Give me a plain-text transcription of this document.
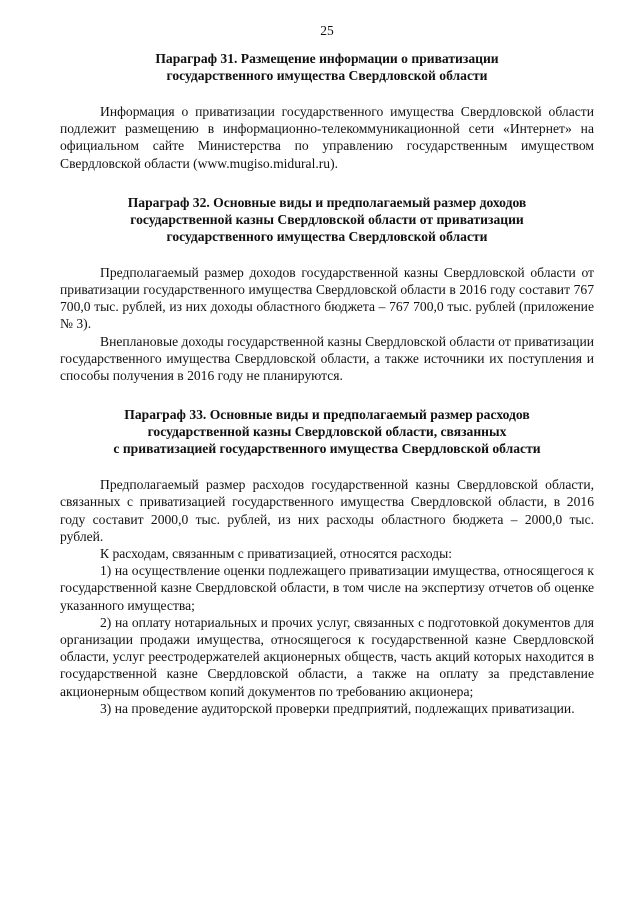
25
Параграф 31. Размещение информации о приватизации
государственного имущества Свердловской области

Информация о приватизации государственного имущества Свердловской области подлежит размещению в информационно-телекоммуникационной сети «Интернет» на официальном сайте Министерства по управлению государственным имуществом Свердловской области (www.mugiso.midural.ru).

Параграф 32. Основные виды и предполагаемый размер доходов
государственной казны Свердловской области от приватизации
государственного имущества Свердловской области

Предполагаемый размер доходов государственной казны Свердловской области от приватизации государственного имущества Свердловской области в 2016 году составит 767 700,0 тыс. рублей, из них доходы областного бюджета – 767 700,0 тыс. рублей (приложение № 3).

Внеплановые доходы государственной казны Свердловской области от приватизации государственного имущества Свердловской области, а также источники их поступления и способы получения в 2016 году не планируются.

Параграф 33. Основные виды и предполагаемый размер расходов
государственной казны Свердловской области, связанных
с приватизацией государственного имущества Свердловской области

Предполагаемый размер расходов государственной казны Свердловской области, связанных с приватизацией государственного имущества Свердловской области, в 2016 году составит 2000,0 тыс. рублей, из них расходы областного бюджета – 2000,0 тыс. рублей.

К расходам, связанным с приватизацией, относятся расходы:

1) на осуществление оценки подлежащего приватизации имущества, относящегося к государственной казне Свердловской области, в том числе на экспертизу отчетов об оценке указанного имущества;

2) на оплату нотариальных и прочих услуг, связанных с подготовкой документов для организации продажи имущества, относящегося к государственной казне Свердловской области, услуг реестродержателей акционерных обществ, часть акций которых находится в государственной казне Свердловской области, а также на оплату за представление акционерным обществом копий документов по требованию акционера;

3) на проведение аудиторской проверки предприятий, подлежащих приватизации.
